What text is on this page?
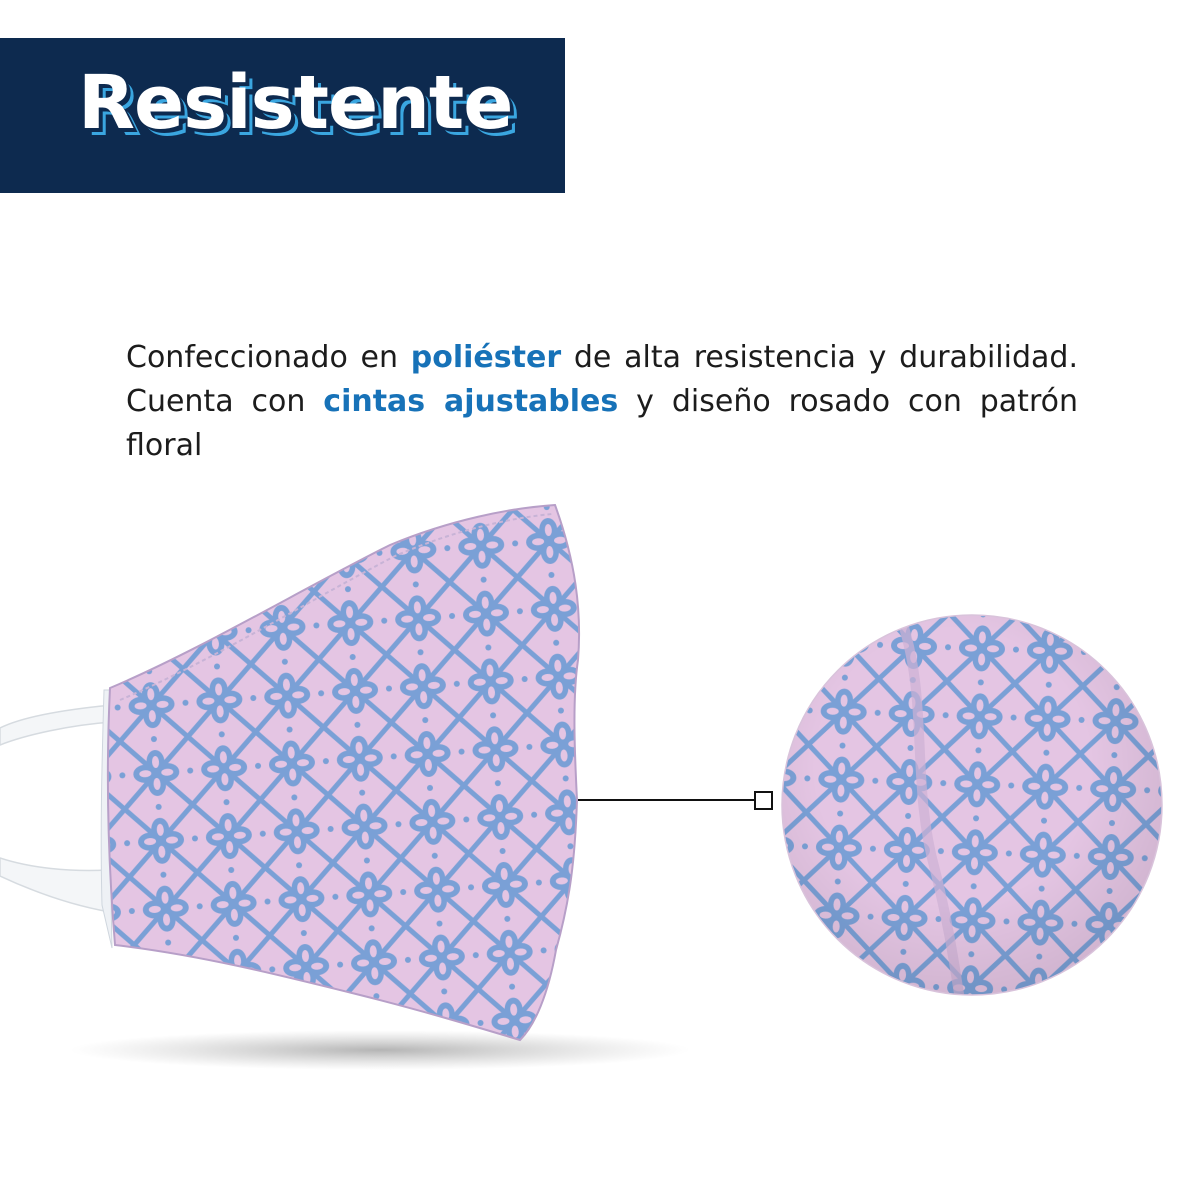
Resistente

Confeccionado en poliéster de alta resistencia y durabilidad. Cuenta con cintas ajustables y diseño rosado con patrón floral
